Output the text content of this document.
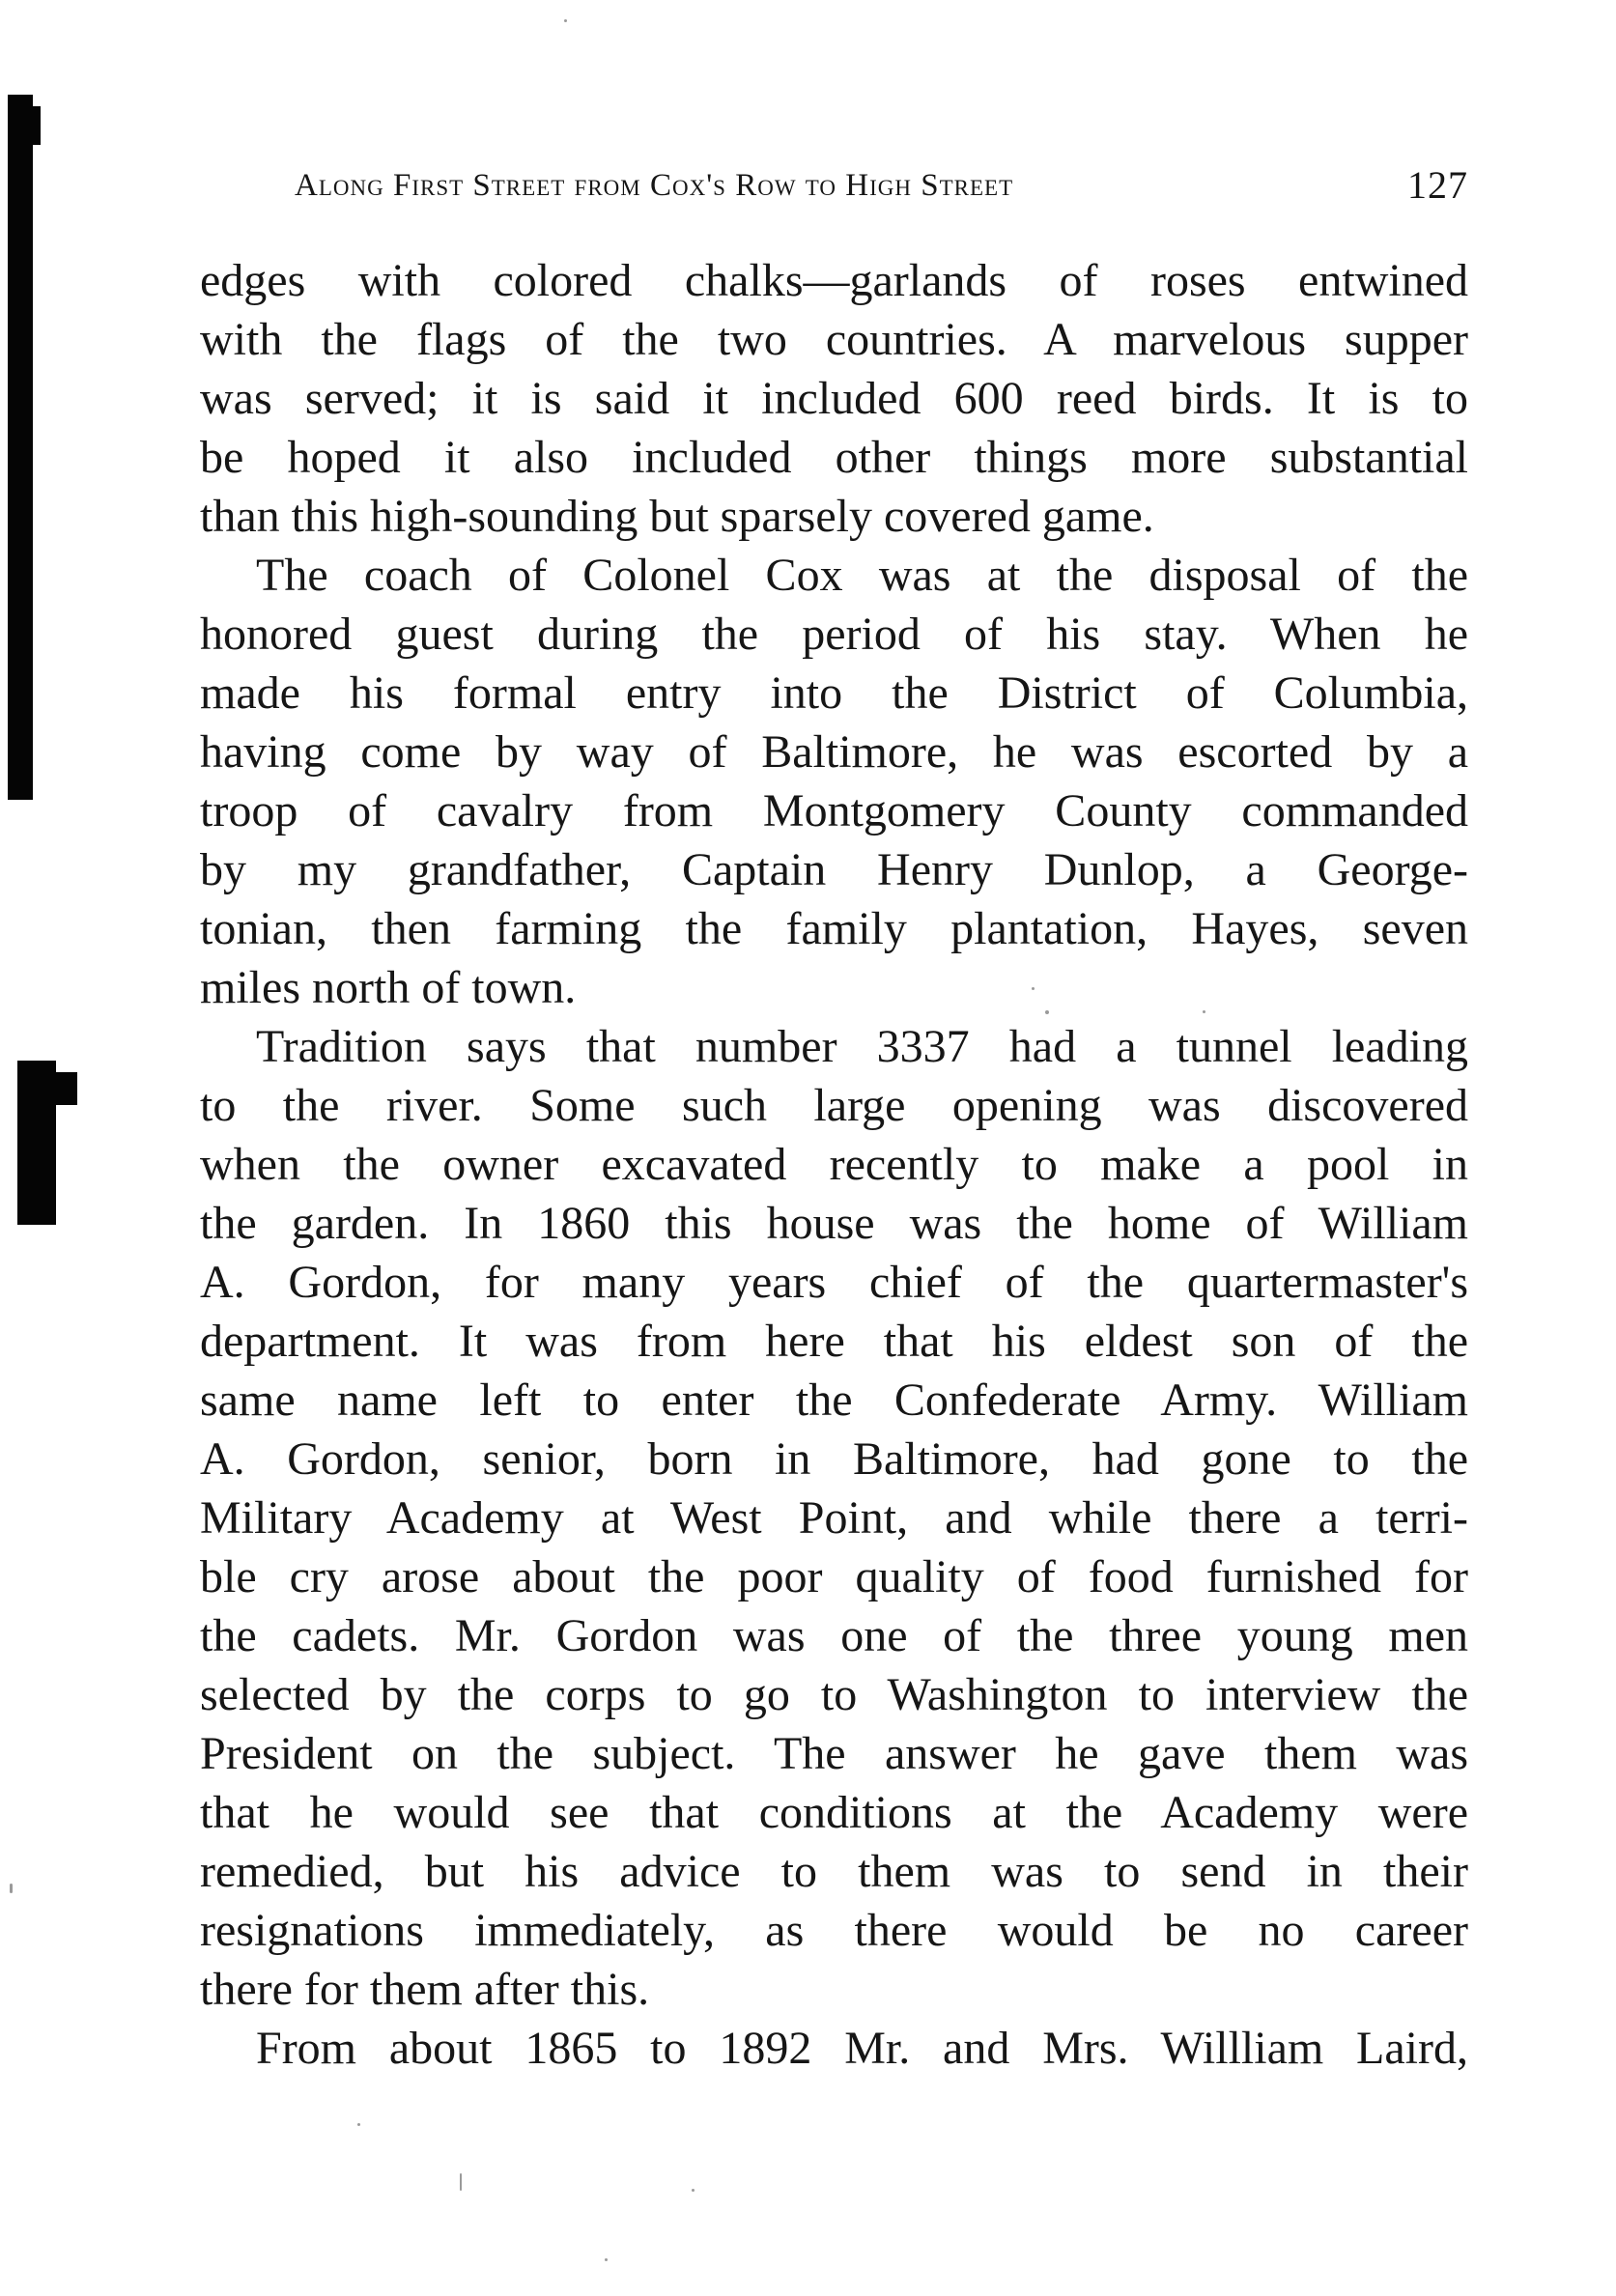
Along First Street from Cox's Row to High Street	127
edges with colored chalks—garlands of roses entwined
with the flags of the two countries. A marvelous supper
was served; it is said it included 600 reed birds. It is to
be hoped it also included other things more substantial
than this high-sounding but sparsely covered game.
The coach of Colonel Cox was at the disposal of the
honored guest during the period of his stay. When he
made his formal entry into the District of Columbia,
having come by way of Baltimore, he was escorted by a
troop of cavalry from Montgomery County commanded
by my grandfather, Captain Henry Dunlop, a George-
tonian, then farming the family plantation, Hayes, seven
miles north of town.
Tradition says that number 3337 had a tunnel leading
to the river. Some such large opening was discovered
when the owner excavated recently to make a pool in
the garden. In 1860 this house was the home of William
A. Gordon, for many years chief of the quartermaster's
department. It was from here that his eldest son of the
same name left to enter the Confederate Army. William
A. Gordon, senior, born in Baltimore, had gone to the
Military Academy at West Point, and while there a terri-
ble cry arose about the poor quality of food furnished for
the cadets. Mr. Gordon was one of the three young men
selected by the corps to go to Washington to interview the
President on the subject. The answer he gave them was
that he would see that conditions at the Academy were
remedied, but his advice to them was to send in their
resignations immediately, as there would be no career
there for them after this.
From about 1865 to 1892 Mr. and Mrs. Willliam Laird,
